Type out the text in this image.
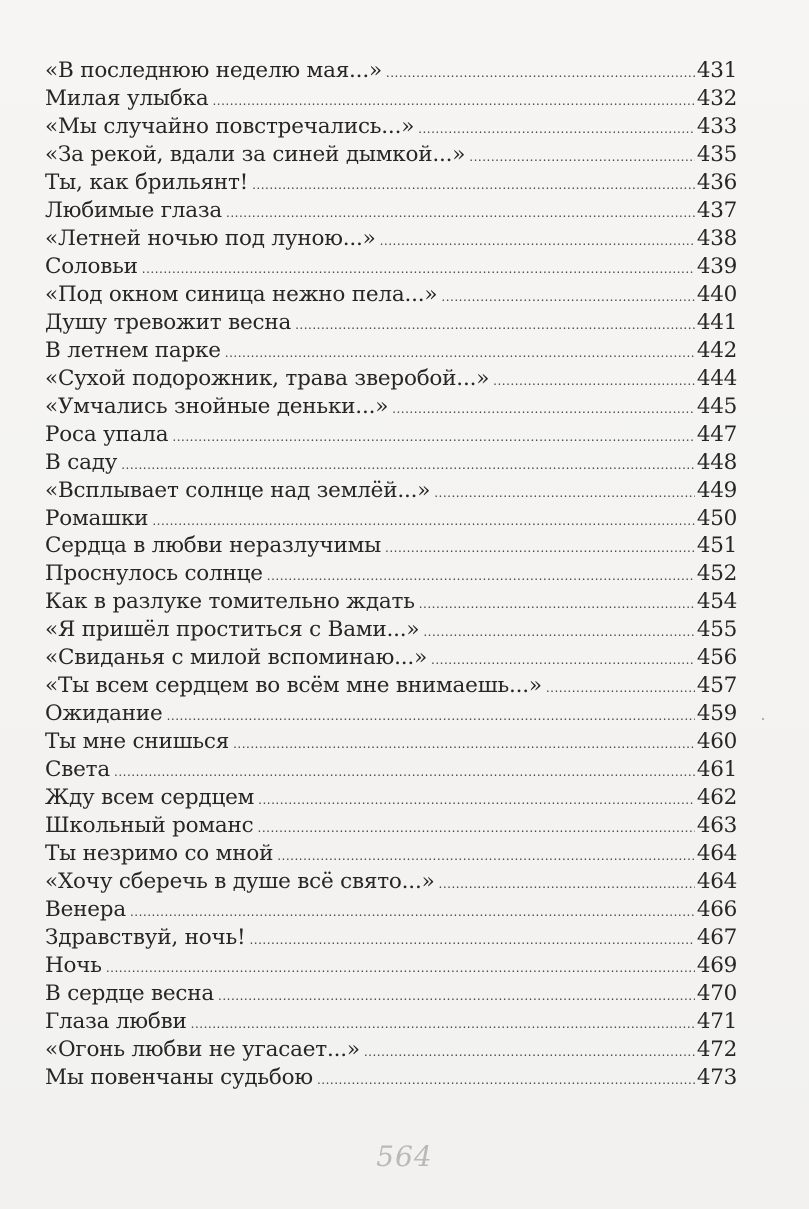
«В последнюю неделю мая...» .....	431
Милая улыбка .....	432
«Мы случайно повстречались...» .....	433
«За рекой, вдали за синей дымкой...» .....	435
Ты, как брильянт! .....	436
Любимые глаза .....	437
«Летней ночью под луною...» .....	438
Соловьи .....	439
«Под окном синица нежно пела...» .....	440
Душу тревожит весна .....	441
В летнем парке .....	442
«Сухой подорожник, трава зверобой...» .....	444
«Умчались знойные деньки...» .....	445
Роса упала .....	447
В саду .....	448
«Всплывает солнце над землёй...» .....	449
Ромашки .....	450
Сердца в любви неразлучимы .....	451
Проснулось солнце .....	452
Как в разлуке томительно ждать .....	454
«Я пришёл проститься с Вами...» .....	455
«Свиданья с милой вспоминаю...» .....	456
«Ты всем сердцем во всём мне внимаешь...» .....	457
Ожидание .....	459
Ты мне снишься .....	460
Света .....	461
Жду всем сердцем .....	462
Школьный романс .....	463
Ты незримо со мной .....	464
«Хочу сберечь в душе всё свято...» .....	464
Венера .....	466
Здравствуй, ночь! .....	467
Ночь .....	469
В сердце весна .....	470
Глаза любви .....	471
«Огонь любви не угасает...» .....	472
Мы повенчаны судьбою .....	473
564
